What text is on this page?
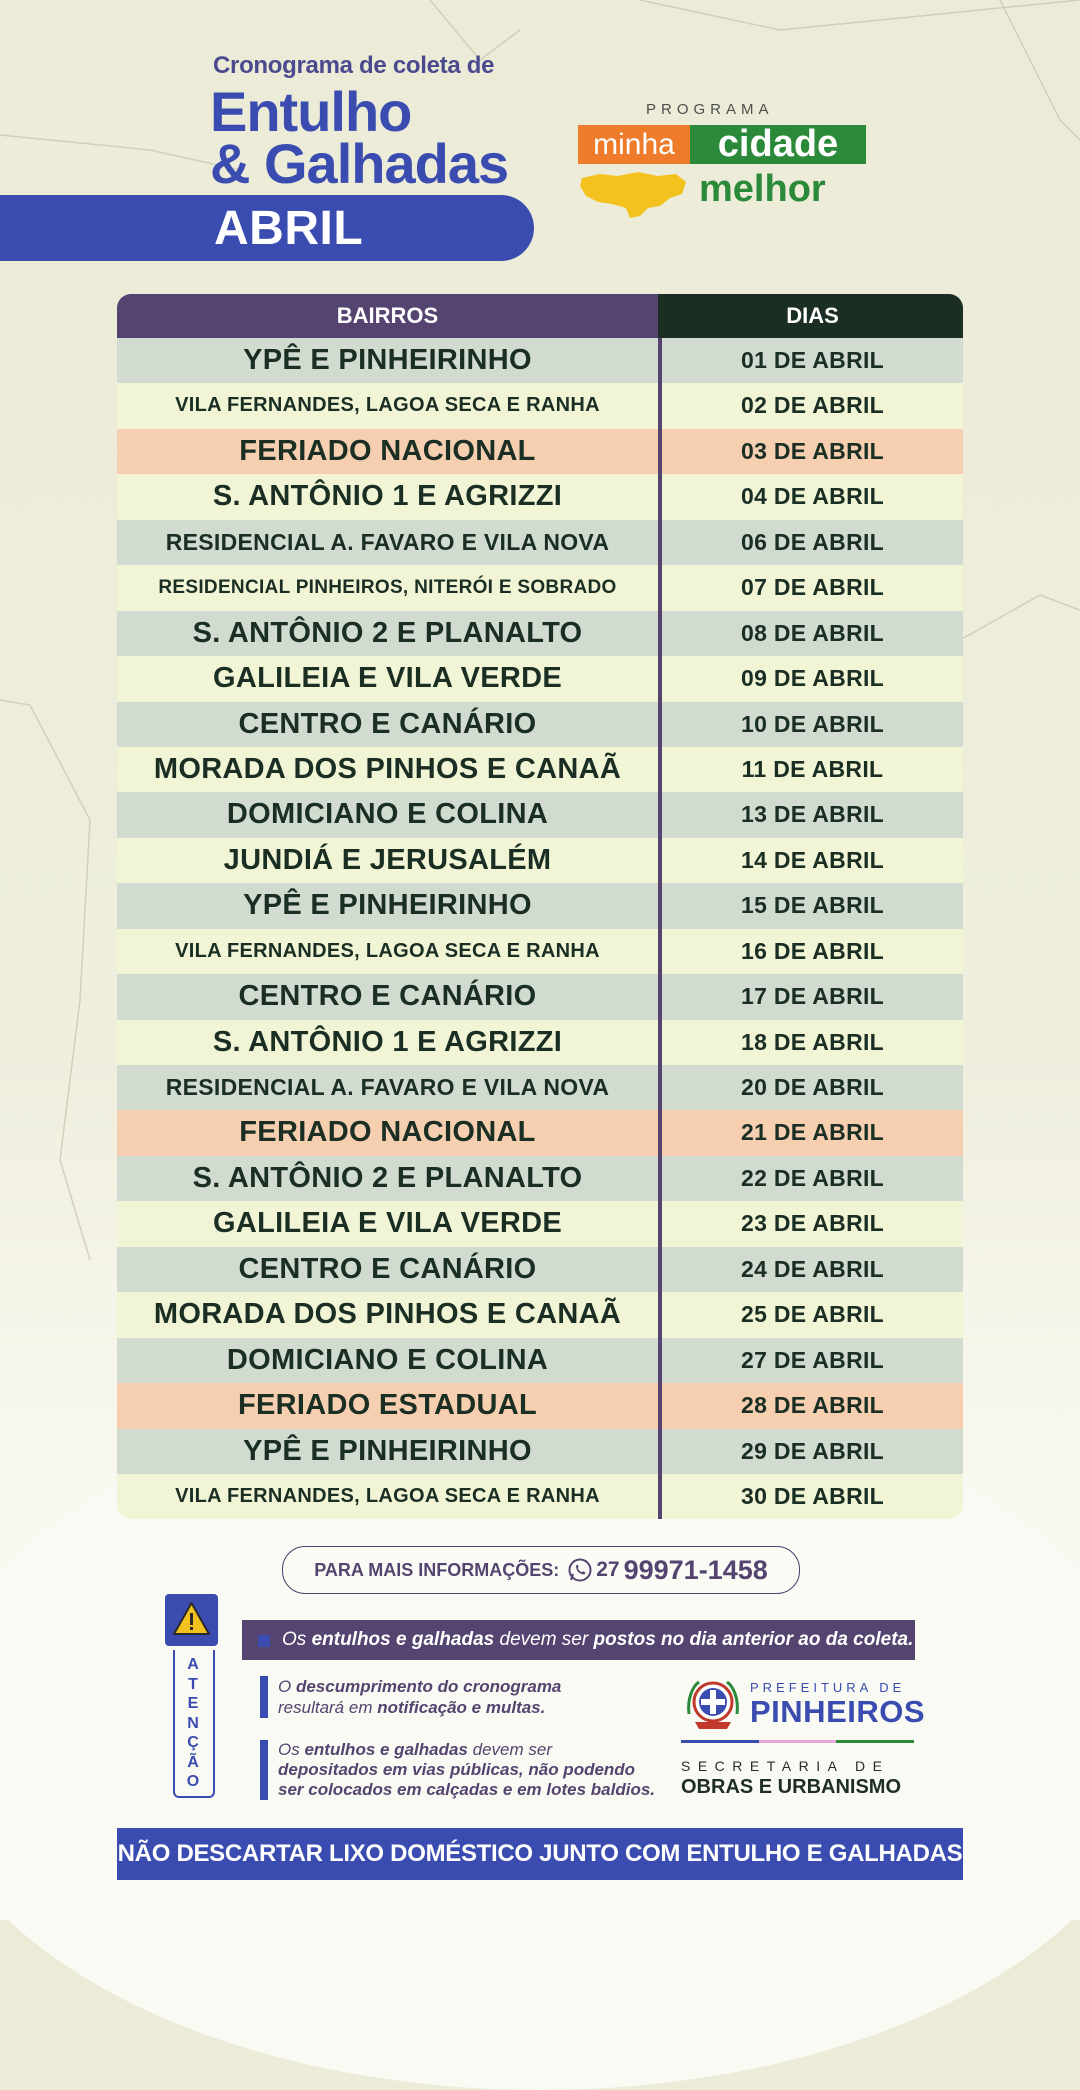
Cronograma de coleta de
Entulho
& Galhadas
ABRIL
PROGRAMA
minha	cidade
melhor
BAIRROS	DIAS
YPÊ E PINHEIRINHO	01 DE ABRIL
VILA FERNANDES, LAGOA SECA E RANHA	02 DE ABRIL
FERIADO NACIONAL	03 DE ABRIL
S. ANTÔNIO 1 E AGRIZZI	04 DE ABRIL
RESIDENCIAL A. FAVARO E VILA NOVA	06 DE ABRIL
RESIDENCIAL PINHEIROS, NITERÓI E SOBRADO	07 DE ABRIL
S. ANTÔNIO 2 E PLANALTO	08 DE ABRIL
GALILEIA E VILA VERDE	09 DE ABRIL
CENTRO E CANÁRIO	10 DE ABRIL
MORADA DOS PINHOS E CANAÃ	11 DE ABRIL
DOMICIANO E COLINA	13 DE ABRIL
JUNDIÁ E JERUSALÉM	14 DE ABRIL
YPÊ E PINHEIRINHO	15 DE ABRIL
VILA FERNANDES, LAGOA SECA E RANHA	16 DE ABRIL
CENTRO E CANÁRIO	17 DE ABRIL
S. ANTÔNIO 1 E AGRIZZI	18 DE ABRIL
RESIDENCIAL A. FAVARO E VILA NOVA	20 DE ABRIL
FERIADO NACIONAL	21 DE ABRIL
S. ANTÔNIO 2 E PLANALTO	22 DE ABRIL
GALILEIA E VILA VERDE	23 DE ABRIL
CENTRO E CANÁRIO	24 DE ABRIL
MORADA DOS PINHOS E CANAÃ	25 DE ABRIL
DOMICIANO E COLINA	27 DE ABRIL
FERIADO ESTADUAL	28 DE ABRIL
YPÊ E PINHEIRINHO	29 DE ABRIL
VILA FERNANDES, LAGOA SECA E RANHA	30 DE ABRIL
PARA MAIS INFORMAÇÕES: 27 99971-1458
ATENÇÃO
Os entulhos e galhadas devem ser postos no dia anterior ao da coleta.
O descumprimento do cronograma
resultará em notificação e multas.
Os entulhos e galhadas devem ser
depositados em vias públicas, não podendo
ser colocados em calçadas e em lotes baldios.
PREFEITURA DE
PINHEIROS
SECRETARIA DE
OBRAS E URBANISMO
NÃO DESCARTAR LIXO DOMÉSTICO JUNTO COM ENTULHO E GALHADAS
